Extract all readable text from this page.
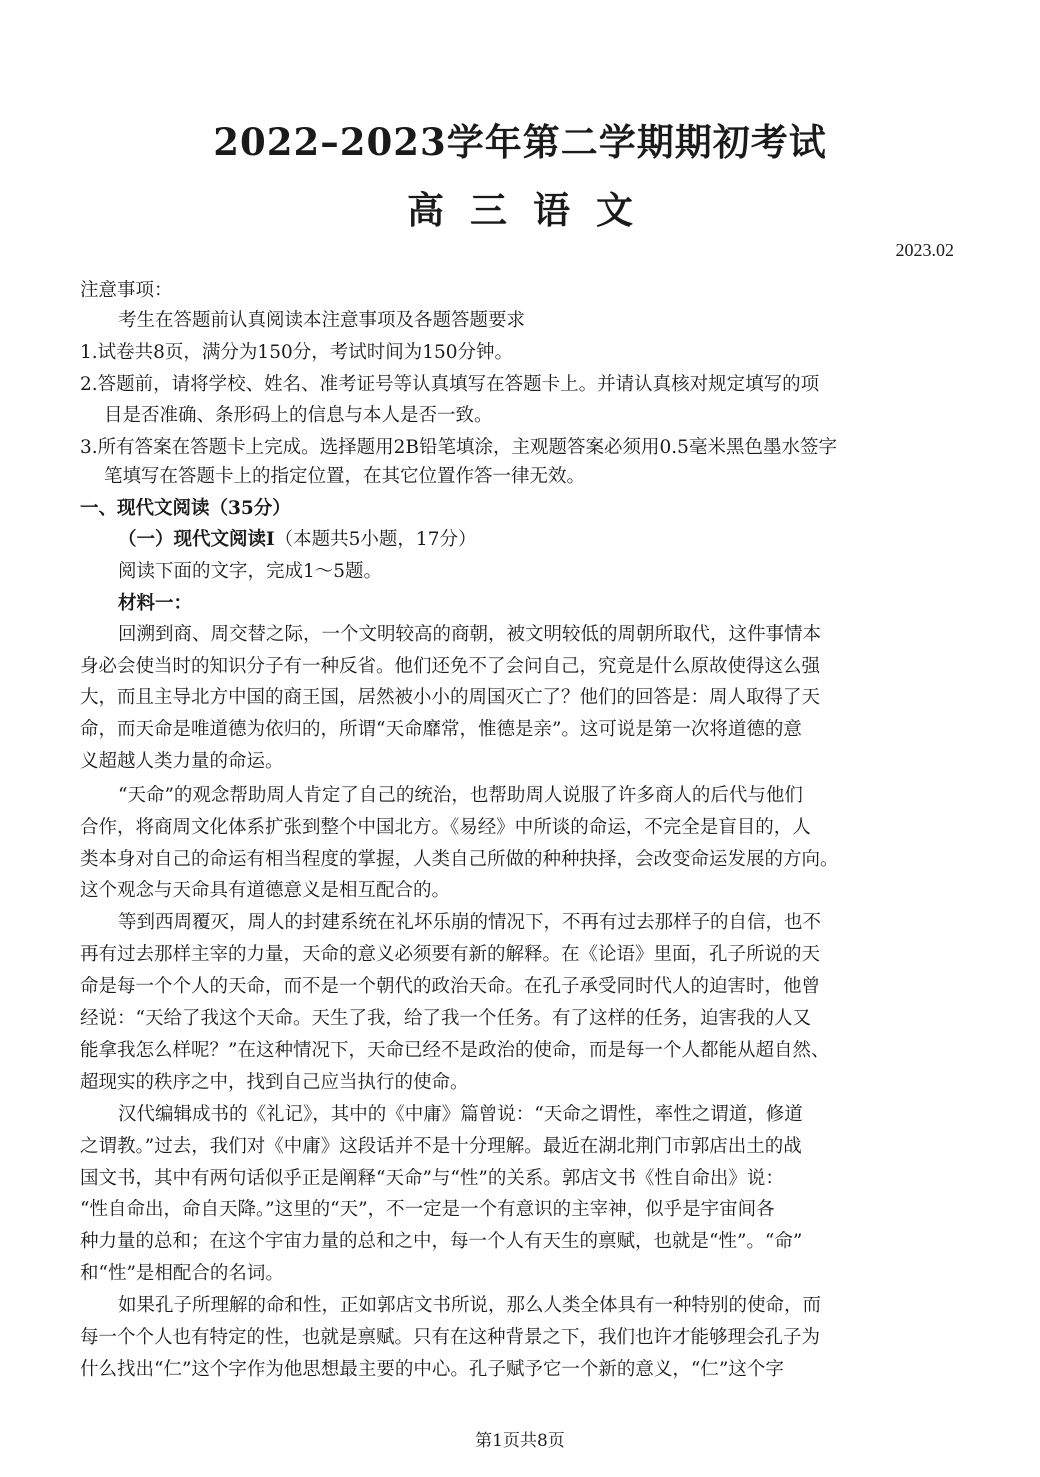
2022–2023学年第二学期期初考试
高三语文
2023.02
注意事项：
考生在答题前认真阅读本注意事项及各题答题要求
1.试卷共8页，满分为150分，考试时间为150分钟。
2.答题前，请将学校、姓名、准考证号等认真填写在答题卡上。并请认真核对规定填写的项
目是否准确、条形码上的信息与本人是否一致。
3.所有答案在答题卡上完成。选择题用2B铅笔填涂，主观题答案必须用0.5毫米黑色墨水签字
笔填写在答题卡上的指定位置，在其它位置作答一律无效。
一、现代文阅读（35分）
（一）现代文阅读Ⅰ（本题共5小题，17分）
阅读下面的文字，完成1～5题。
材料一：
回溯到商、周交替之际，一个文明较高的商朝，被文明较低的周朝所取代，这件事情本
身必会使当时的知识分子有一种反省。他们还免不了会问自己，究竟是什么原故使得这么强
大，而且主导北方中国的商王国，居然被小小的周国灭亡了？他们的回答是：周人取得了天
命，而天命是唯道德为依归的，所谓“天命靡常，惟德是亲”。这可说是第一次将道德的意
义超越人类力量的命运。
“天命”的观念帮助周人肯定了自己的统治，也帮助周人说服了许多商人的后代与他们
合作，将商周文化体系扩张到整个中国北方。《易经》中所谈的命运，不完全是盲目的，人
类本身对自己的命运有相当程度的掌握，人类自己所做的种种抉择，会改变命运发展的方向。
这个观念与天命具有道德意义是相互配合的。
等到西周覆灭，周人的封建系统在礼坏乐崩的情况下，不再有过去那样子的自信，也不
再有过去那样主宰的力量，天命的意义必须要有新的解释。在《论语》里面，孔子所说的天
命是每一个个人的天命，而不是一个朝代的政治天命。在孔子承受同时代人的迫害时，他曾
经说：“天给了我这个天命。天生了我，给了我一个任务。有了这样的任务，迫害我的人又
能拿我怎么样呢？”在这种情况下，天命已经不是政治的使命，而是每一个人都能从超自然、
超现实的秩序之中，找到自己应当执行的使命。
汉代编辑成书的《礼记》，其中的《中庸》篇曾说：“天命之谓性，率性之谓道，修道
之谓教。”过去，我们对《中庸》这段话并不是十分理解。最近在湖北荆门市郭店出土的战
国文书，其中有两句话似乎正是阐释“天命”与“性”的关系。郭店文书《性自命出》说：
“性自命出，命自天降。”这里的“天”，不一定是一个有意识的主宰神，似乎是宇宙间各
种力量的总和；在这个宇宙力量的总和之中，每一个人有天生的禀赋，也就是“性”。“命”
和“性”是相配合的名词。
如果孔子所理解的命和性，正如郭店文书所说，那么人类全体具有一种特别的使命，而
每一个个人也有特定的性，也就是禀赋。只有在这种背景之下，我们也许才能够理会孔子为
什么找出“仁”这个字作为他思想最主要的中心。孔子赋予它一个新的意义，“仁”这个字
第1页共8页
